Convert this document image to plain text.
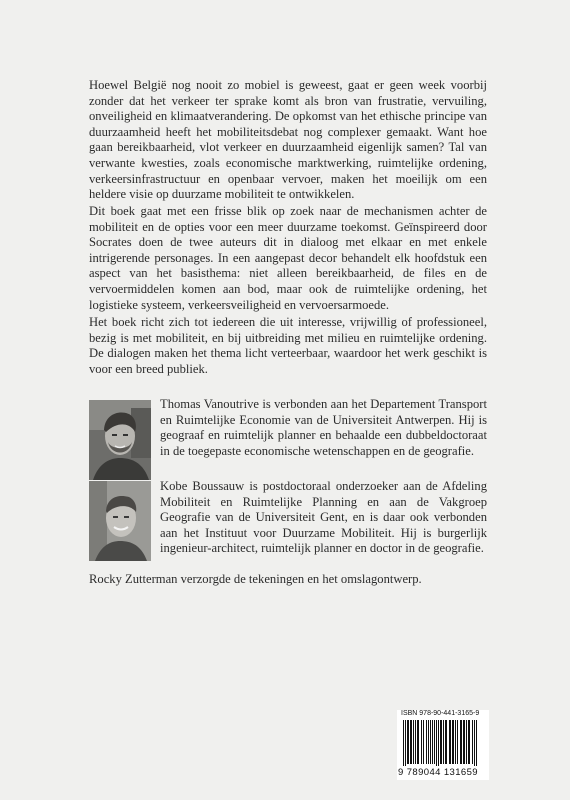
Hoewel België nog nooit zo mobiel is geweest, gaat er geen week voorbij zonder dat het verkeer ter sprake komt als bron van frustratie, vervuiling, onveiligheid en klimaatverandering. De opkomst van het ethische principe van duurzaamheid heeft het mobiliteitsdebat nog complexer gemaakt. Want hoe gaan bereikbaarheid, vlot verkeer en duurzaamheid eigenlijk samen? Tal van verwante kwesties, zoals economische marktwerking, ruimtelijke ordening, verkeersinfrastructuur en openbaar vervoer, maken het moeilijk om een heldere visie op duurzame mobiliteit te ontwikkelen.

Dit boek gaat met een frisse blik op zoek naar de mechanismen achter de mobiliteit en de opties voor een meer duurzame toekomst. Geïnspireerd door Socrates doen de twee auteurs dit in dialoog met elkaar en met enkele intrigerende personages. In een aangepast decor behandelt elk hoofdstuk een aspect van het basisthema: niet alleen bereikbaarheid, de files en de vervoermiddelen komen aan bod, maar ook de ruimtelijke ordening, het logistieke systeem, verkeersveiligheid en vervoersarmoede.

Het boek richt zich tot iedereen die uit interesse, vrijwillig of professioneel, bezig is met mobiliteit, en bij uitbreiding met milieu en ruimtelijke ordening. De dialogen maken het thema licht verteerbaar, waardoor het werk geschikt is voor een breed publiek.

Thomas Vanoutrive is verbonden aan het Departement Transport en Ruimtelijke Economie van de Universiteit Antwerpen. Hij is geograaf en ruimtelijk planner en behaalde een dubbeldoctoraat in de toegepaste economische wetenschappen en de geografie.

Kobe Boussauw is postdoctoraal onderzoeker aan de Afdeling Mobiliteit en Ruimtelijke Planning en aan de Vakgroep Geografie van de Universiteit Gent, en is daar ook verbonden aan het Instituut voor Duurzame Mobiliteit. Hij is burgerlijk ingenieur-architect, ruimtelijk planner en doctor in de geografie.

Rocky Zutterman verzorgde de tekeningen en het omslagontwerp.

ISBN 978-90-441-3165-9
9 789044 131659
